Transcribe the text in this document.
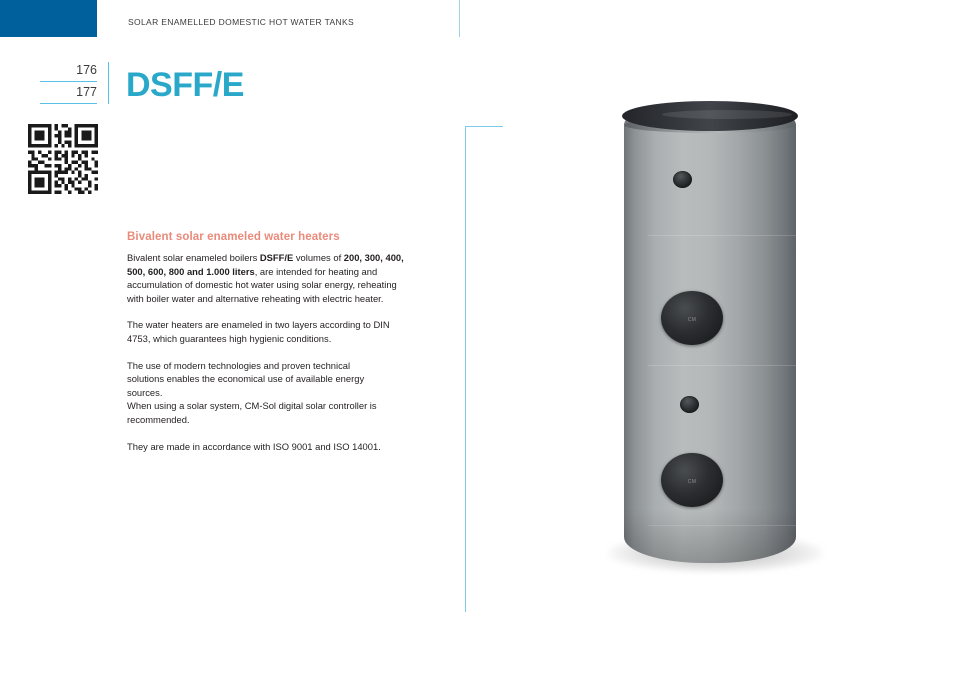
SOLAR ENAMELLED DOMESTIC HOT WATER TANKS
176
177 DSFF/E
Bivalent solar enameled water heaters

Bivalent solar enameled boilers DSFF/E volumes of 200, 300, 400, 500, 600, 800 and 1.000 liters, are intended for heating and accumulation of domestic hot water using solar energy, reheating with boiler water and alternative reheating with electric heater.

The water heaters are enameled in two layers according to DIN 4753, which guarantees high hygienic conditions.

The use of modern technologies and proven technical solutions enables the economical use of available energy sources.
When using a solar system, CM-Sol digital solar controller is recommended.

They are made in accordance with ISO 9001 and ISO 14001.

CM
CM
